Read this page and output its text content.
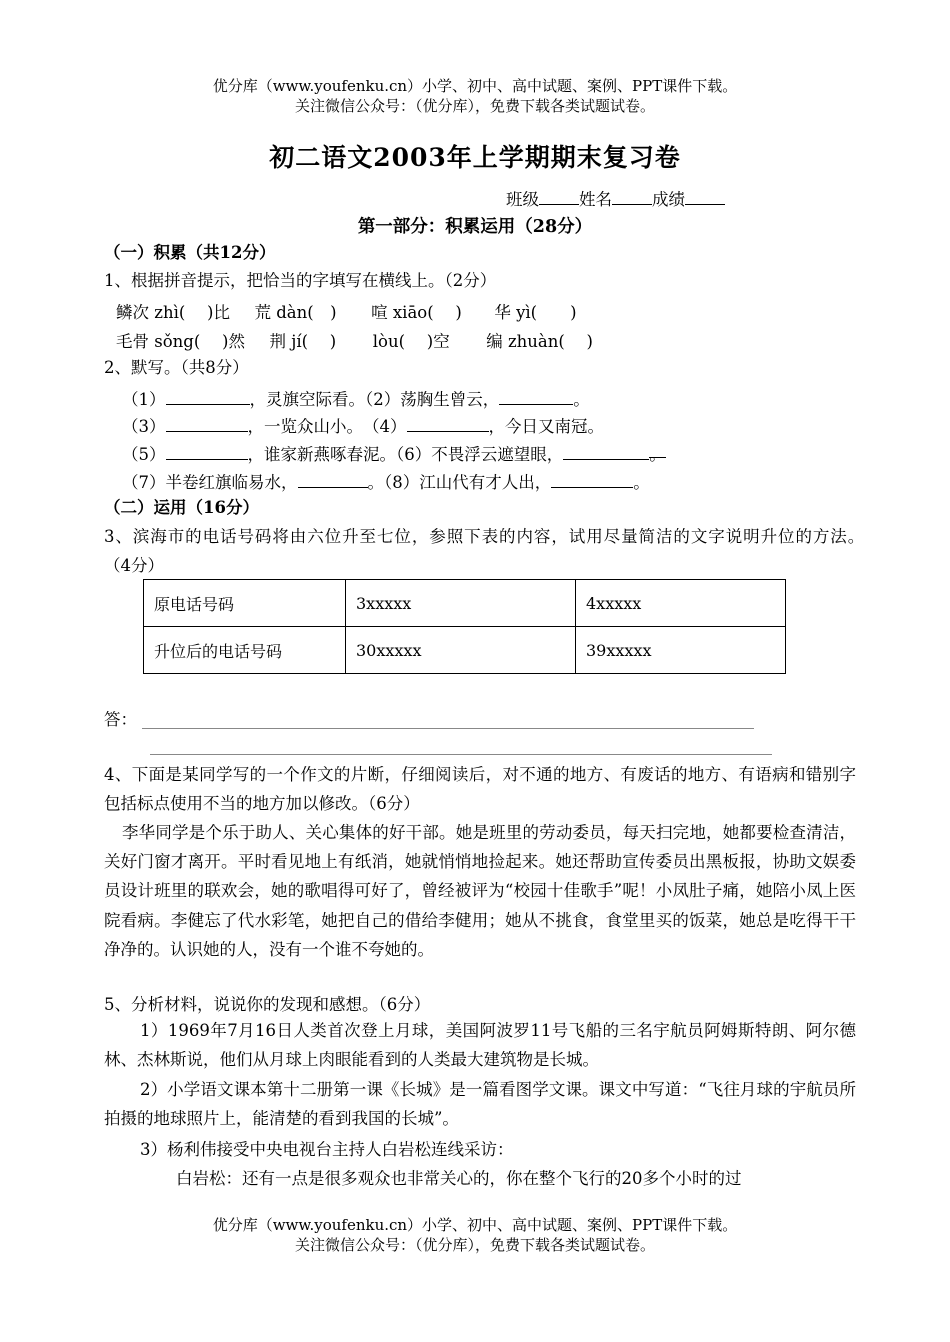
优分库（www.youfenku.cn）小学、初中、高中试题、案例、PPT课件下载。
关注微信公众号：（优分库），免费下载各类试题试卷。
初二语文2003年上学期期末复习卷
班级 姓名 成绩
第一部分：积累运用（28分）
（一）积累（共12分）
1、根据拼音提示，把恰当的字填写在横线上。（2分）
鳞次 zhì(　 )比 荒 dàn(　) 喧 xiāo(　 ) 华 yì(　　)
毛骨 sǒng(　 )然 荆 jí(　 ) lòu(　 )空 编 zhuàn(　 )
2、默写。（共8分）
（1）	，灵旗空际看。（2）荡胸生曾云，	。
（3）	，一览众山小。　（4）	，今日又南冠。
（5）	，谁家新燕啄春泥。（6）不畏浮云遮望眼，	。
（7）半卷红旗临易水，	。（8）江山代有才人出，	。
（二）运用（16分）
3、滨海市的电话号码将由六位升至七位，参照下表的内容，试用尽量简洁的文字说明升位的方法。　　（4分）
原电话号码	3xxxxx	4xxxxx
升位后的电话号码	30xxxxx	39xxxxx
答：
4、下面是某同学写的一个作文的片断，仔细阅读后，对不通的地方、有废话的地方、有语病和错别字包括标点使用不当的地方加以修改。（6分）
李华同学是个乐于助人、关心集体的好干部。她是班里的劳动委员，每天扫完地，她都要检查清洁，关好门窗才离开。平时看见地上有纸消，她就悄悄地捡起来。她还帮助宣传委员出黑板报，协助文娱委员设计班里的联欢会，她的歌唱得可好了，曾经被评为“校园十佳歌手”呢！小凤肚子痛，她陪小凤上医院看病。李健忘了代水彩笔，她把自己的借给李健用；她从不挑食，食堂里买的饭菜，她总是吃得干干净净的。认识她的人，没有一个谁不夸她的。
5、分析材料，说说你的发现和感想。（6分）
1）1969年7月16日人类首次登上月球，美国阿波罗11号飞船的三名宇航员阿姆斯特朗、阿尔德林、杰林斯说，他们从月球上肉眼能看到的人类最大建筑物是长城。
2）小学语文课本第十二册第一课《长城》是一篇看图学文课。课文中写道：“飞往月球的宇航员所拍摄的地球照片上，能清楚的看到我国的长城”。
3）杨利伟接受中央电视台主持人白岩松连线采访：
白岩松：还有一点是很多观众也非常关心的，你在整个飞行的20多个小时的过
优分库（www.youfenku.cn）小学、初中、高中试题、案例、PPT课件下载。
关注微信公众号：（优分库），免费下载各类试题试卷。
